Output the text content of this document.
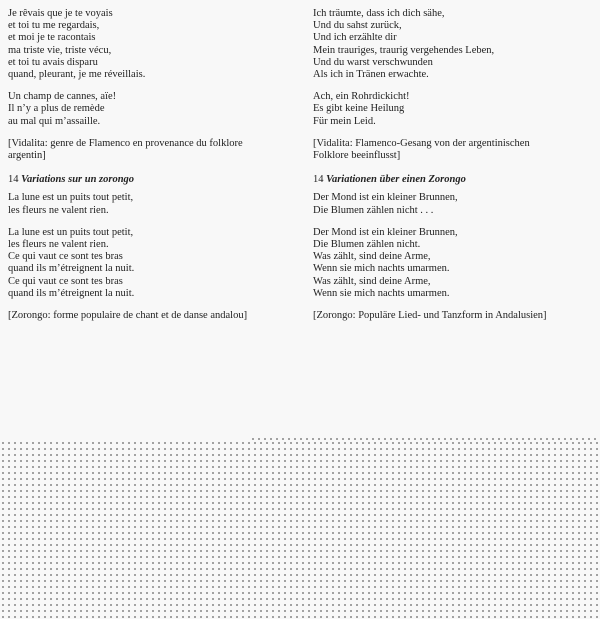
Je rêvais que je te voyais
et toi tu me regardais,
et moi je te racontais
ma triste vie, triste vécu,
et toi tu avais disparu
quand, pleurant, je me réveillais.
Un champ de cannes, aïe!
Il n’y a plus de remède
au mal qui m’assaille.
[Vidalita: genre de Flamenco en provenance du folklore
argentin]
14 Variations sur un zorongo
La lune est un puits tout petit,
les fleurs ne valent rien.
La lune est un puits tout petit,
les fleurs ne valent rien.
Ce qui vaut ce sont tes bras
quand ils m’étreignent la nuit.
Ce qui vaut ce sont tes bras
quand ils m’étreignent la nuit.
[Zorongo: forme populaire de chant et de danse andalou]
Ich träumte, dass ich dich sähe,
Und du sahst zurück,
Und ich erzählte dir
Mein trauriges, traurig vergehendes Leben,
Und du warst verschwunden
Als ich in Tränen erwachte.
Ach, ein Rohrdickicht!
Es gibt keine Heilung
Für mein Leid.
[Vidalita: Flamenco-Gesang von der argentinischen
Folklore beeinflusst]
14 Variationen über einen Zorongo
Der Mond ist ein kleiner Brunnen,
Die Blumen zählen nicht . . .
Der Mond ist ein kleiner Brunnen,
Die Blumen zählen nicht.
Was zählt, sind deine Arme,
Wenn sie mich nachts umarmen.
Was zählt, sind deine Arme,
Wenn sie mich nachts umarmen.
[Zorongo: Populäre Lied- und Tanzform in Andalusien]
